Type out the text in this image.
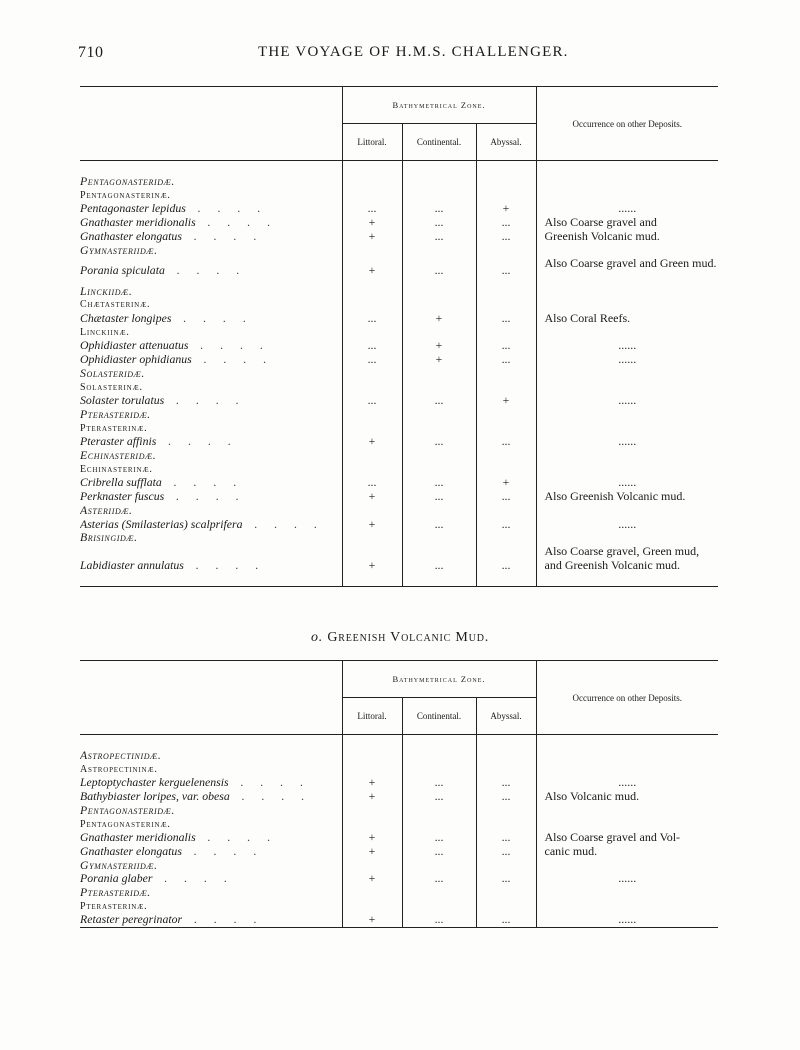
710	THE VOYAGE OF H.M.S. CHALLENGER.
	Bathymetrical Zone.			Occurrence on other Deposits.
	Littoral.	Continental.	Abyssal.	

Pentagonasteridæ.				
Pentagonasterinæ.				
Pentagonaster lepidus . . . .	...	...	+	......
Gnathaster meridionalis . . . .	+	...	...	Also Coarse gravel and
Gnathaster elongatus . . . .	+	...	...	Greenish Volcanic mud.
Gymnasteriidæ.				
Porania spiculata . . . .	+	...	...	Also Coarse gravel and Green mud.
Linckiidæ.				
Chætasterinæ.				
Chætaster longipes . . . .	...	+	...	Also Coral Reefs.
Linckiinæ.				
Ophidiaster attenuatus . . . .	...	+	...	......
Ophidiaster ophidianus . . . .	...	+	...	......
Solasteridæ.				
Solasterinæ.				
Solaster torulatus . . . .	...	...	+	......
Pterasteridæ.				
Pterasterinæ.				
Pteraster affinis . . . .	+	...	...	......
Echinasteridæ.				
Echinasterinæ.				
Cribrella sufflata . . . .	...	...	+	......
Perknaster fuscus . . . .	+	...	...	Also Greenish Volcanic mud.
Asteriidæ.				
Asterias (Smilasterias) scalprifera . . . .	+	...	...	......
Brisingidæ.				
Labidiaster annulatus . . . .	+	...	...	Also Coarse gravel, Green mud, and Greenish Volcanic mud.
o. Greenish Volcanic Mud.
	Bathymetrical Zone.			Occurrence on other Deposits.
	Littoral.	Continental.	Abyssal.	

Astropectinidæ.				
Astropectininæ.				
Leptoptychaster kerguelenensis . . . .	+	...	...	......
Bathybiaster loripes, var. obesa . . . .	+	...	...	Also Volcanic mud.
Pentagonasteridæ.				
Pentagonasterinæ.				
Gnathaster meridionalis . . . .	+	...	...	Also Coarse gravel and Vol-
Gnathaster elongatus . . . .	+	...	...	canic mud.
Gymnasteriidæ.				
Porania glaber . . . .	+	...	...	......
Pterasteridæ.				
Pterasterinæ.				
Retaster peregrinator . . . .	+	...	...	......
